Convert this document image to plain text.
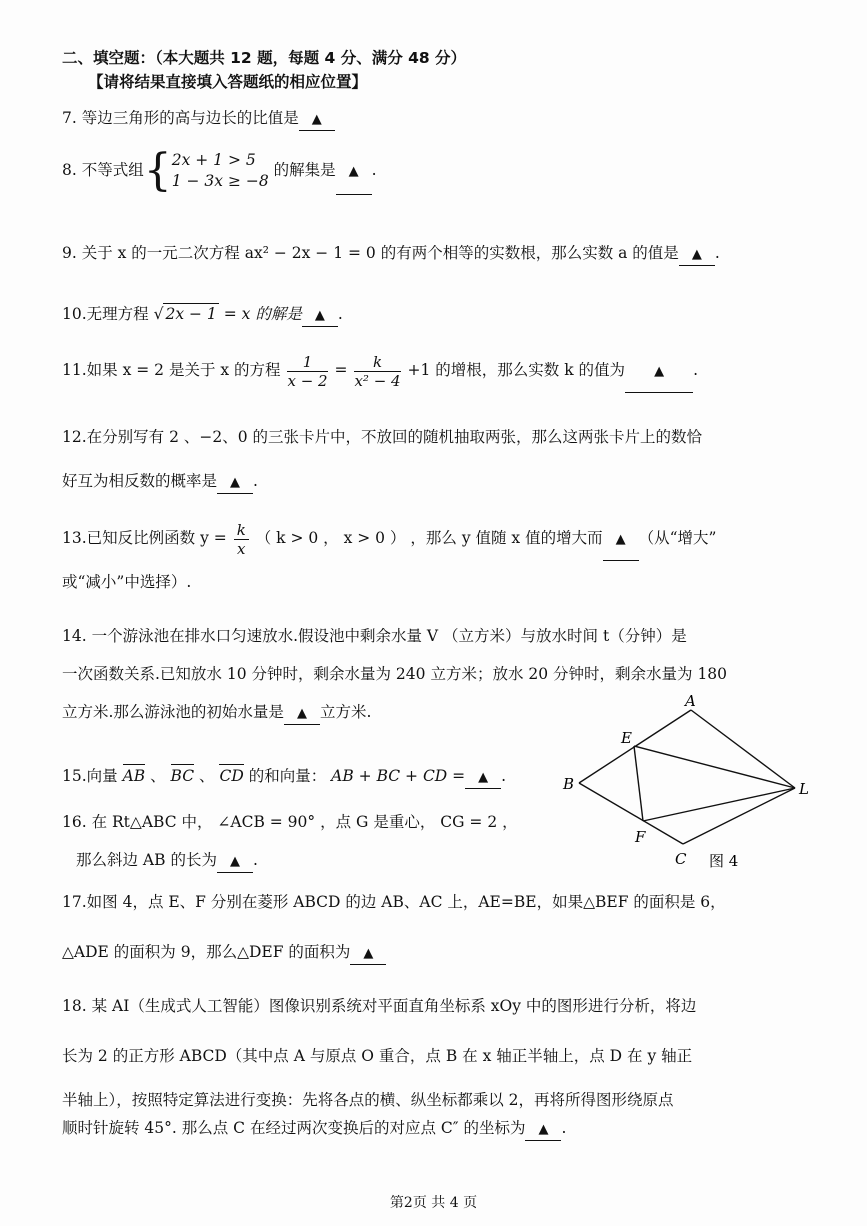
二、填空题：（本大题共 12 题，每题 4 分、满分 48 分）
【请将结果直接填入答题纸的相应位置】
7. 等边三角形的高与边长的比值是 ▲
8. 不等式组{ 2x + 1 > 5
1 − 3x ≥ −8
的解集是 ▲ .
9. 关于 x 的一元二次方程 ax² − 2x − 1 = 0 的有两个相等的实数根，那么实数 a 的值是 ▲ .
10.无理方程 √ 2x − 1 = x 的解是 ▲ .
11.如果 x = 2 是关于 x 的方程 $\frac{1}{x - 2} = \frac{k}{\text{x² − 4}} +1$ 的增根，那么实数 k 的值为 ▲ .
12.在分别写有 2 、−2、0 的三张卡片中，不放回的随机抽取两张，那么这两张卡片上的数恰
好互为相反数的概率是 ▲ .
13.已知反比例函数 $y = \frac{k}{x}$ （ k > 0 ， x > 0 ） ，那么 y 值随 x 值的增大而 ▲ （从“增大”
或“减小”中选择）.
14. 一个游泳池在排水口匀速放水.假设池中剩余水量 V （立方米）与放水时间 t（分钟）是
一次函数关系.已知放水 10 分钟时，剩余水量为 240 立方米；放水 20 分钟时，剩余水量为 180
立方米.那么游泳池的初始水量是 ▲ 立方米.
15.向量 AB 、 BC 、 CD 的和向量： AB + BC + CD = ▲ .
16. 在 Rt△ABC 中， ∠ACB = 90° ，点 G 是重心， CG = 2 ，
那么斜边 AB 的长为 ▲ .
A
B
C
L
E
F
图 4
17.如图 4，点 E、F 分别在菱形 ABCD 的边 AB、AC 上，AE=BE，如果△BEF 的面积是 6，
△ADE 的面积为 9，那么△DEF 的面积为 ▲
18. 某 AI（生成式人工智能）图像识别系统对平面直角坐标系 xOy 中的图形进行分析，将边
长为 2 的正方形 ABCD（其中点 A 与原点 O 重合，点 B 在 x 轴正半轴上，点 D 在 y 轴正
半轴上），按照特定算法进行变换：先将各点的横、纵坐标都乘以 2，再将所得图形绕原点
顺时针旋转 45°. 那么点 C 在经过两次变换后的对应点 C″ 的坐标为 ▲ .
第2页 共 4 页
